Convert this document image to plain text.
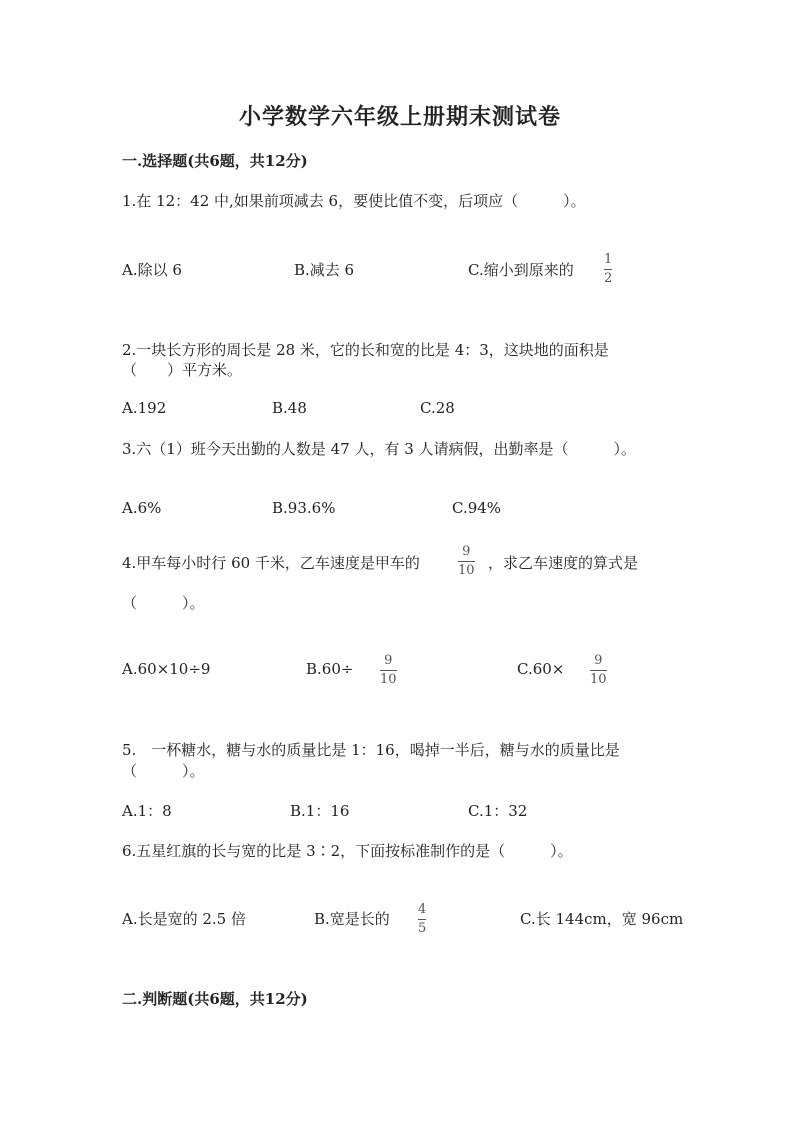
小学数学六年级上册期末测试卷
一.选择题(共6题，共12分)
1.在 12：42 中,如果前项减去 6，要使比值不变，后项应（　　　）。
A.除以 6	B.减去 6	C.缩小到原来的
1
2
2.一块长方形的周长是 28 米，它的长和宽的比是 4：3，这块地的面积是
（　　）平方米。
A.192	B.48	C.28
3.六（1）班今天出勤的人数是 47 人，有 3 人请病假，出勤率是（　　　）。
A.6%	B.93.6%	C.94%
4.甲车每小时行 60 千米，乙车速度是甲车的
9
10 ，求乙车速度的算式是
（　　　）。
A.60×10÷9	B.60÷ 9
10
C.60× 9
10
5.　一杯糖水，糖与水的质量比是 1：16，喝掉一半后，糖与水的质量比是
（　　　）。
A.1：8	B.1：16	C.1：32
6.五星红旗的长与宽的比是 3∶2，下面按标准制作的是（　　　）。
A.长是宽的 2.5 倍	B.宽是长的
4
5
C.长 144cm，宽 96cm
二.判断题(共6题，共12分)
